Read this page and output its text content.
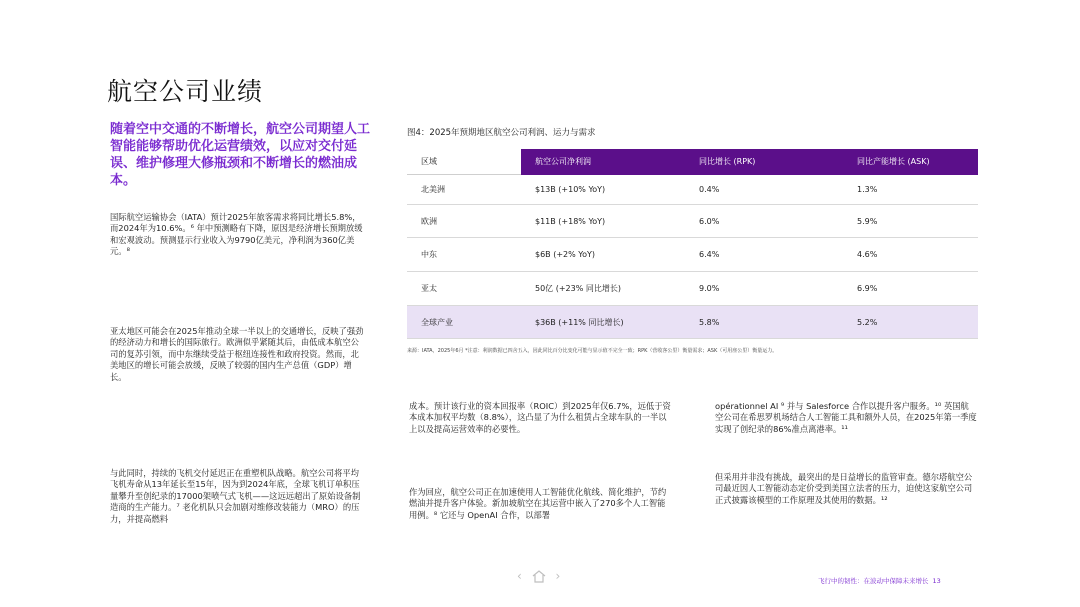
航空公司业绩
随着空中交通的不断增长，航空公司期望人工智能能够帮助优化运营绩效，以应对交付延误、维护修理大修瓶颈和不断增长的燃油成本。
国际航空运输协会（IATA）预计2025年旅客需求将同比增长5.8%，而2024年为10.6%。⁶ 年中预测略有下降，原因是经济增长预期放缓和宏观波动。预测显示行业收入为9790亿美元，净利润为360亿美元。⁸
亚太地区可能会在2025年推动全球一半以上的交通增长，反映了强劲的经济动力和增长的国际旅行。欧洲似乎紧随其后，由低成本航空公司的复苏引领，而中东继续受益于枢纽连接性和政府投资。然而，北美地区的增长可能会放缓，反映了较弱的国内生产总值（GDP）增长。
与此同时，持续的飞机交付延迟正在重塑机队战略。航空公司将平均飞机寿命从13年延长至15年，因为到2024年底，全球飞机订单积压量攀升至创纪录的17000架喷气式飞机——这远远超出了原始设备制造商的生产能力。⁷ 老化机队只会加剧对维修改装能力（MRO）的压力，并提高燃料
成本。预计该行业的资本回报率（ROIC）到2025年仅6.7%，远低于资本成本加权平均数（8.8%），这凸显了为什么租赁占全球车队的一半以上以及提高运营效率的必要性。
作为回应，航空公司正在加速使用人工智能优化航线、简化维护，节约燃油并提升客户体验。新加坡航空在其运营中嵌入了270多个人工智能用例。⁸ 它还与 OpenAI 合作，以部署
opérationnel AI ⁹ 并与 Salesforce 合作以提升客户服务。¹⁰ 英国航空公司在希思罗机场结合人工智能工具和额外人员，在2025年第一季度实现了创纪录的86%准点离港率。¹¹
但采用并非没有挑战，最突出的是日益增长的监管审查。德尔塔航空公司最近因人工智能动态定价受到美国立法者的压力，迫使这家航空公司正式披露该模型的工作原理及其使用的数据。¹²
图4：2025年预期地区航空公司利润、运力与需求
区域	航空公司净利润	同比增长 (RPK)	同比产能增长 (ASK)
北美洲	$13B (+10% YoY)	0.4%	1.3%
欧洲	$11B (+18% YoY)	6.0%	5.9%
中东	$6B (+2% YoY)	6.4%	4.6%
亚太	50亿 (+23% 同比增长)	9.0%	6.9%
全球产业	$36B (+11% 同比增长)	5.8%	5.2%
来源：IATA，2025年6月 *注意：利润数据已四舍五入，因此同比百分比变化可能与显示值不完全一致；RPK（营收客公里）衡量需求；ASK（可用座公里）衡量运力。
‹	›	飞行中的韧性：在波动中保障未来增长 13
